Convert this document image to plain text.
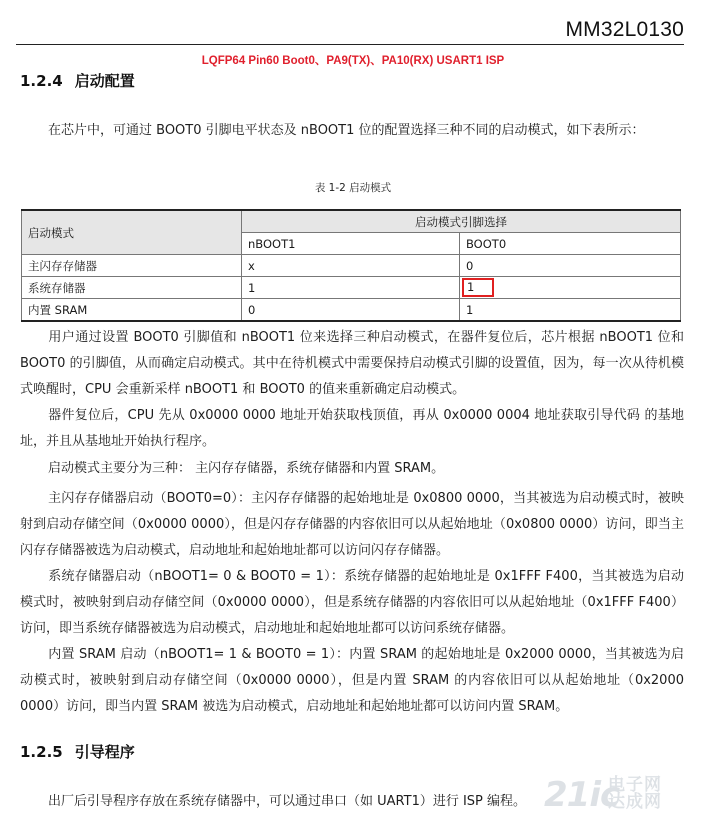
MM32L0130
LQFP64 Pin60 Boot0、PA9(TX)、PA10(RX) USART1 ISP
1.2.4 启动配置

在芯片中，可通过 BOOT0 引脚电平状态及 nBOOT1 位的配置选择三种不同的启动模式，如下表所示：

表 1-2 启动模式
启动模式	启动模式引脚选择	
	nBOOT1	BOOT0
主闪存存储器	x	0
系统存储器	1	1
内置 SRAM	0	1

用户通过设置 BOOT0 引脚值和 nBOOT1 位来选择三种启动模式，在器件复位后，芯片根据 nBOOT1 位和 BOOT0 的引脚值，从而确定启动模式。其中在待机模式中需要保持启动模式引脚的设置值，因为，每一次从待机模式唤醒时，CPU 会重新采样 nBOOT1 和 BOOT0 的值来重新确定启动模式。

器件复位后，CPU 先从 0x0000 0000 地址开始获取栈顶值，再从 0x0000 0004 地址获取引导代码 的基地址，并且从基地址开始执行程序。

启动模式主要分为三种： 主闪存存储器，系统存储器和内置 SRAM。

主闪存存储器启动（BOOT0=0）：主闪存存储器的起始地址是 0x0800 0000，当其被选为启动模式时，被映射到启动存储空间（0x0000 0000），但是闪存存储器的内容依旧可以从起始地址（0x0800 0000）访问，即当主闪存存储器被选为启动模式，启动地址和起始地址都可以访问闪存存储器。

系统存储器启动（nBOOT1= 0 & BOOT0 = 1）：系统存储器的起始地址是 0x1FFF F400，当其被选为启动模式时，被映射到启动存储空间（0x0000 0000），但是系统存储器的内容依旧可以从起始地址（0x1FFF F400）访问，即当系统存储器被选为启动模式，启动地址和起始地址都可以访问系统存储器。

内置 SRAM 启动（nBOOT1= 1 & BOOT0 = 1）：内置 SRAM 的起始地址是 0x2000 0000，当其被选为启动模式时，被映射到启动存储空间（0x0000 0000），但是内置 SRAM 的内容依旧可以从起始地址（0x2000 0000）访问，即当内置 SRAM 被选为启动模式，启动地址和起始地址都可以访问内置 SRAM。

1.2.5 引导程序

出厂后引导程序存放在系统存储器中，可以通过串口（如 UART1）进行 ISP 编程。 21ic
电子网
达成网
